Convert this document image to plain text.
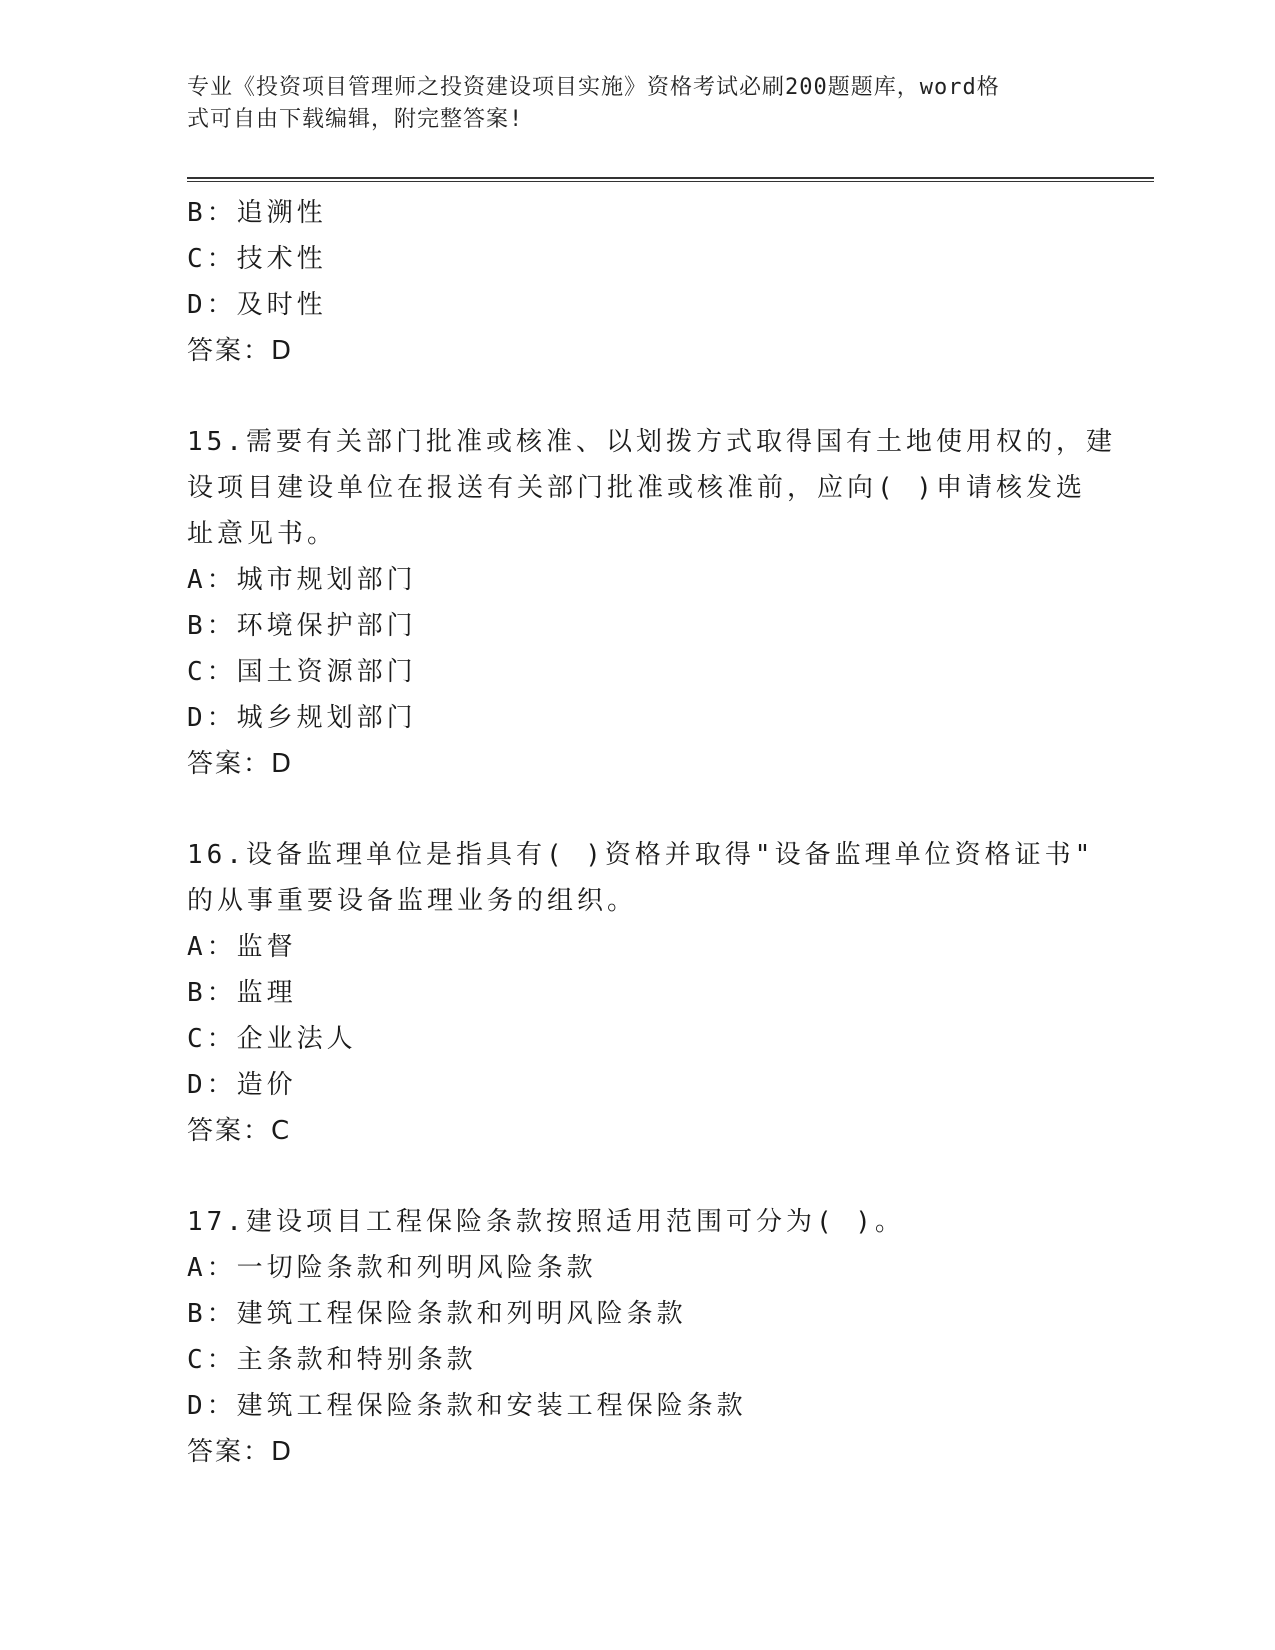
专业《投资项目管理师之投资建设项目实施》资格考试必刷200题题库，word格
式可自由下载编辑，附完整答案!
B：追溯性
C：技术性
D：及时性
答案：D
15.需要有关部门批准或核准、以划拨方式取得国有土地使用权的，建
设项目建设单位在报送有关部门批准或核准前，应向( )申请核发选
址意见书。
A：城市规划部门
B：环境保护部门
C：国土资源部门
D：城乡规划部门
答案：D
16.设备监理单位是指具有( )资格并取得"设备监理单位资格证书"
的从事重要设备监理业务的组织。
A：监督
B：监理
C：企业法人
D：造价
答案：C
17.建设项目工程保险条款按照适用范围可分为( )。
A：一切险条款和列明风险条款
B：建筑工程保险条款和列明风险条款
C：主条款和特别条款
D：建筑工程保险条款和安装工程保险条款
答案：D
